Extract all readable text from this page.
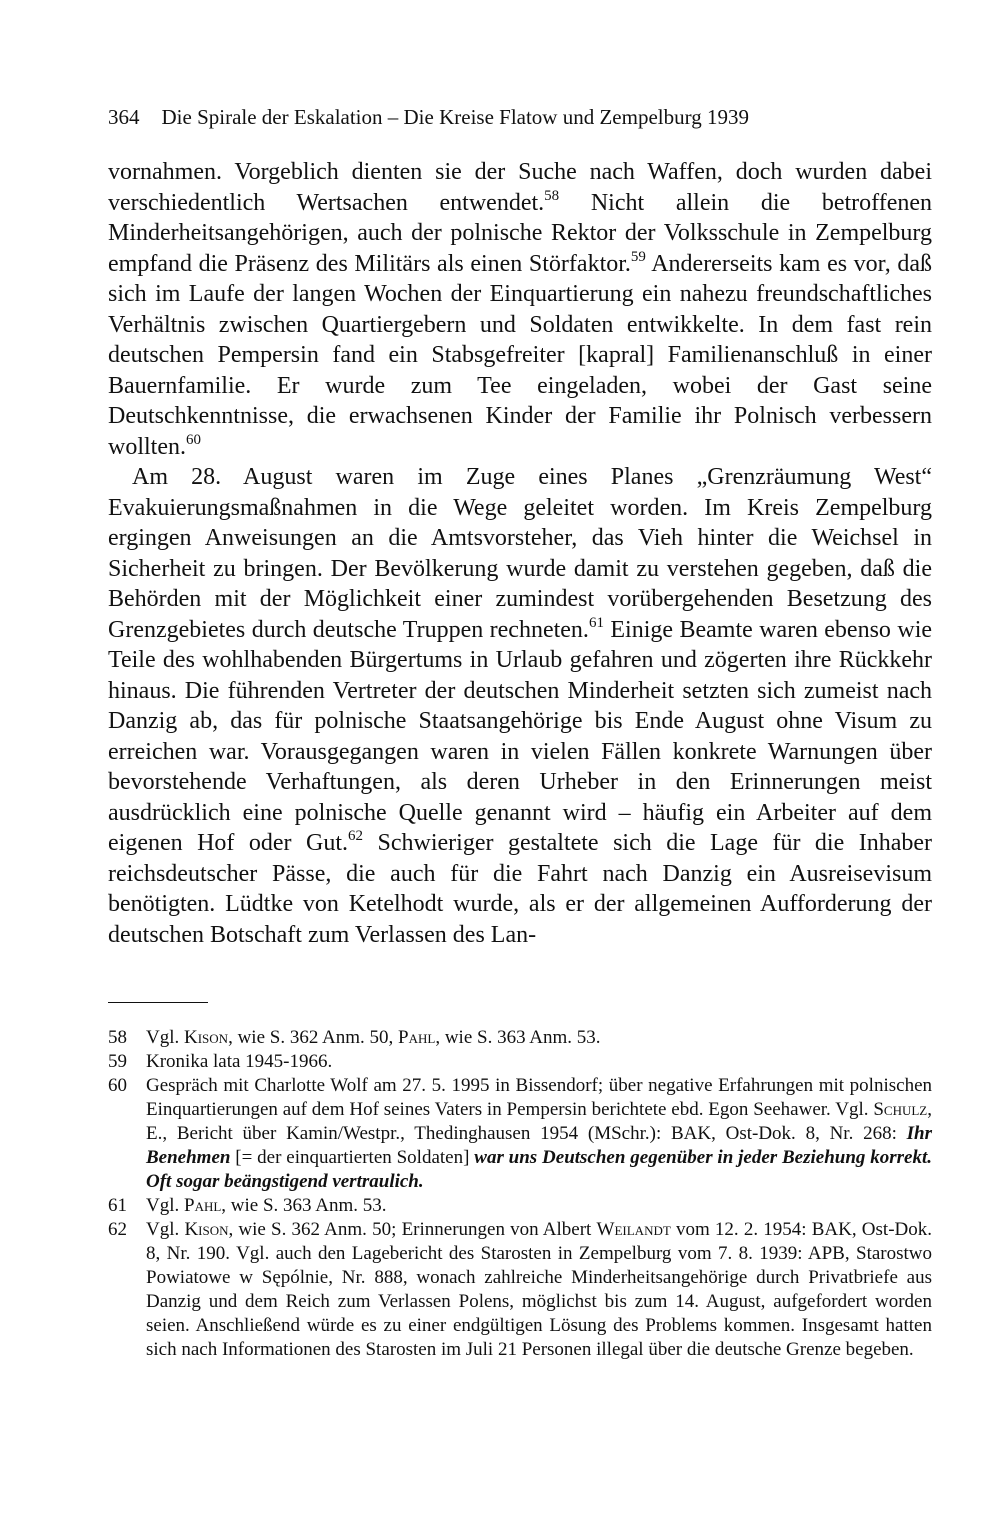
364 Die Spirale der Eskalation – Die Kreise Flatow und Zempelburg 1939

vornahmen. Vorgeblich dienten sie der Suche nach Waffen, doch wurden dabei verschiedentlich Wertsachen entwendet.$^{58}$ Nicht allein die betroffenen Minderheitsangehörigen, auch der polnische Rektor der Volksschule in Zempelburg empfand die Präsenz des Militärs als einen Störfaktor.$^{59}$ Andererseits kam es vor, daß sich im Laufe der langen Wochen der Einquartierung ein nahezu freundschaftliches Verhältnis zwischen Quartiergebern und Soldaten entwikkelte. In dem fast rein deutschen Pempersin fand ein Stabsgefreiter [kapral] Familienanschluß in einer Bauernfamilie. Er wurde zum Tee eingeladen, wobei der Gast seine Deutschkenntnisse, die erwachsenen Kinder der Familie ihr Polnisch verbessern wollten.$^{60}$

Am 28. August waren im Zuge eines Planes „Grenzräumung West“ Evakuierungsmaßnahmen in die Wege geleitet worden. Im Kreis Zempelburg ergingen Anweisungen an die Amtsvorsteher, das Vieh hinter die Weichsel in Sicherheit zu bringen. Der Bevölkerung wurde damit zu verstehen gegeben, daß die Behörden mit der Möglichkeit einer zumindest vorübergehenden Besetzung des Grenzgebietes durch deutsche Truppen rechneten.$^{61}$ Einige Beamte waren ebenso wie Teile des wohlhabenden Bürgertums in Urlaub gefahren und zögerten ihre Rückkehr hinaus. Die führenden Vertreter der deutschen Minderheit setzten sich zumeist nach Danzig ab, das für polnische Staatsangehörige bis Ende August ohne Visum zu erreichen war. Vorausgegangen waren in vielen Fällen konkrete Warnungen über bevorstehende Verhaftungen, als deren Urheber in den Erinnerungen meist ausdrücklich eine polnische Quelle genannt wird – häufig ein Arbeiter auf dem eigenen Hof oder Gut.$^{62}$ Schwieriger gestaltete sich die Lage für die Inhaber reichsdeutscher Pässe, die auch für die Fahrt nach Danzig ein Ausreisevisum benötigten. Lüdtke von Ketelhodt wurde, als er der allgemeinen Aufforderung der deutschen Botschaft zum Verlassen des Lan-

58 Vgl. Kison, wie S. 362 Anm. 50, Pahl, wie S. 363 Anm. 53.
59 Kronika lata 1945-1966.
60 Gespräch mit Charlotte Wolf am 27. 5. 1995 in Bissendorf; über negative Erfahrungen mit polnischen Einquartierungen auf dem Hof seines Vaters in Pempersin berichtete ebd. Egon Seehawer. Vgl. Schulz, E., Bericht über Kamin/Westpr., Thedinghausen 1954 (MSchr.): BAK, Ost-Dok. 8, Nr. 268: Ihr Benehmen [= der einquartierten Soldaten] war uns Deutschen gegenüber in jeder Beziehung korrekt. Oft sogar beängstigend vertraulich.
61 Vgl. Pahl, wie S. 363 Anm. 53.
62 Vgl. Kison, wie S. 362 Anm. 50; Erinnerungen von Albert Weilandt vom 12. 2. 1954: BAK, Ost-Dok. 8, Nr. 190. Vgl. auch den Lagebericht des Starosten in Zempelburg vom 7. 8. 1939: APB, Starostwo Powiatowe w Sępólnie, Nr. 888, wonach zahlreiche Minderheitsangehörige durch Privatbriefe aus Danzig und dem Reich zum Verlassen Polens, möglichst bis zum 14. August, aufgefordert worden seien. Anschließend würde es zu einer endgültigen Lösung des Problems kommen. Insgesamt hatten sich nach Informationen des Starosten im Juli 21 Personen illegal über die deutsche Grenze begeben.
